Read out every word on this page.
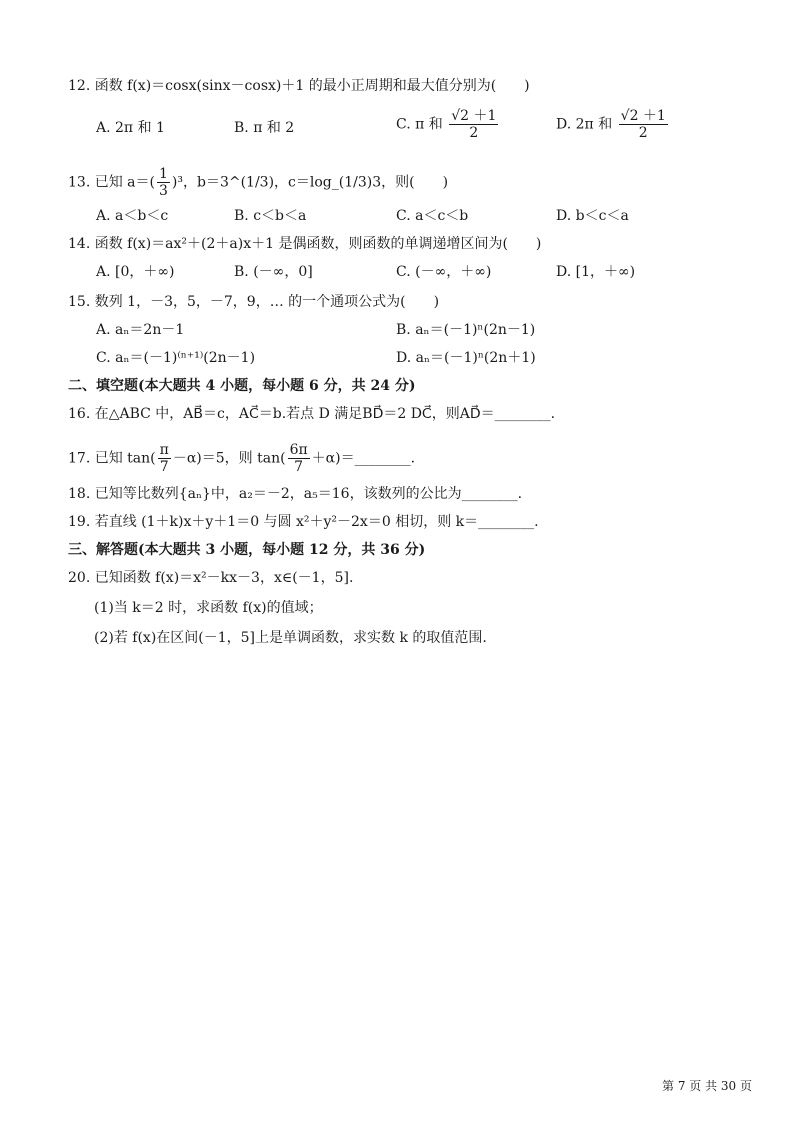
12. 函数 f(x)＝cosx(sinx－cosx)＋1 的最小正周期和最大值分别为(　　)
A. 2π 和 1	B. π 和 2	C. π 和 $\frac{√2 +1}{2}$	D. 2π 和 $\frac{√2 +1}{2}$
13. 已知 $a=( \frac{1}{3} )^3$，b＝3^(1/3)，c＝log_(1/3)3，则(　　)
A. a＜b＜c	B. c＜b＜a	C. a＜c＜b	D. b＜c＜a
14. 函数 f(x)＝ax²＋(2＋a)x＋1 是偶函数，则函数的单调递增区间为(　　)
A. [0，＋∞)	B. (－∞，0]	C. (－∞，＋∞)	D. [1，＋∞)
15. 数列 1，－3，5，－7，9，… 的一个通项公式为(　　)
A. aₙ＝2n－1	B. aₙ＝(－1)ⁿ(2n－1)
C. aₙ＝(－1)⁽ⁿ⁺¹⁾(2n－1)	D. aₙ＝(－1)ⁿ(2n＋1)
二、填空题(本大题共 4 小题，每小题 6 分，共 24 分)
16. 在△ABC 中，AB⃗＝c，AC⃗＝b.若点 D 满足BD⃗＝2 DC⃗，则AD⃗＝________.
17. 已知 $\tan( \frac{\pi}{7} -\alpha)=5$，则 $\tan( \frac{6\pi}{7}$ ＋α)＝________.
18. 已知等比数列{aₙ}中，a₂＝－2，a₅＝16，该数列的公比为________.
19. 若直线 (1＋k)x＋y＋1＝0 与圆 x²＋y²－2x＝0 相切，则 k＝________.
三、解答题(本大题共 3 小题，每小题 12 分，共 36 分)
20. 已知函数 f(x)＝x²－kx－3，x∈(－1，5].
(1)当 k＝2 时，求函数 f(x)的值域；
(2)若 f(x)在区间(－1，5]上是单调函数，求实数 k 的取值范围.
第 7 页 共 30 页
